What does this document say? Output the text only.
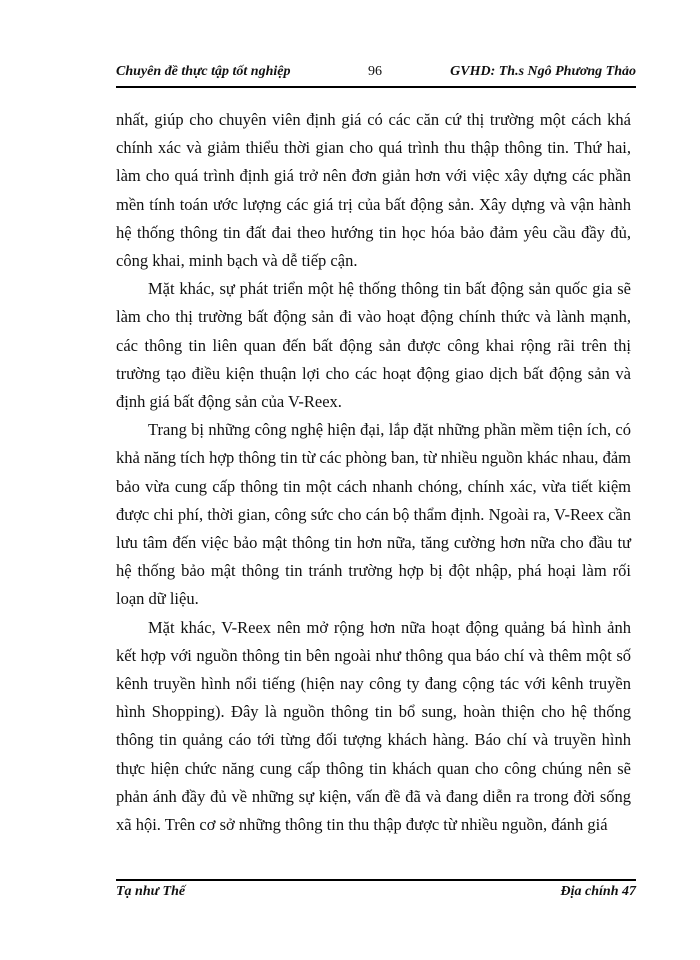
Chuyên đề thực tập tốt nghiệp	96	GVHD: Th.s Ngô Phương Thảo

nhất, giúp cho chuyên viên định giá có các căn cứ thị trường một cách khá chính xác và giảm thiểu thời gian cho quá trình thu thập thông tin. Thứ hai, làm cho quá trình định giá trở nên đơn giản hơn với việc xây dựng các phần mền tính toán ước lượng các giá trị của bất động sản. Xây dựng và vận hành hệ thống thông tin đất đai theo hướng tin học hóa bảo đảm yêu cầu đầy đủ, công khai, minh bạch và dễ tiếp cận.

Mặt khác, sự phát triển một hệ thống thông tin bất động sản quốc gia sẽ làm cho thị trường bất động sản đi vào hoạt động chính thức và lành mạnh, các thông tin liên quan đến bất động sản được công khai rộng rãi trên thị trường tạo điều kiện thuận lợi cho các hoạt động giao dịch bất động sản và định giá bất động sản của V-Reex.

Trang bị những công nghệ hiện đại, lắp đặt những phần mềm tiện ích, có khả năng tích hợp thông tin từ các phòng ban, từ nhiều nguồn khác nhau, đảm bảo vừa cung cấp thông tin một cách nhanh chóng, chính xác, vừa tiết kiệm được chi phí, thời gian, công sức cho cán bộ thẩm định. Ngoài ra, V-Reex cần lưu tâm đến việc bảo mật thông tin hơn nữa, tăng cường hơn nữa cho đầu tư hệ thống bảo mật thông tin tránh trường hợp bị đột nhập, phá hoại làm rối loạn dữ liệu.

Mặt khác, V-Reex nên mở rộng hơn nữa hoạt động quảng bá hình ảnh kết hợp với nguồn thông tin bên ngoài như thông qua báo chí và thêm một số kênh truyền hình nổi tiếng (hiện nay công ty đang cộng tác với kênh truyền hình Shopping). Đây là nguồn thông tin bổ sung, hoàn thiện cho hệ thống thông tin quảng cáo tới từng đối tượng khách hàng. Báo chí và truyền hình thực hiện chức năng cung cấp thông tin khách quan cho công chúng nên sẽ phản ánh đầy đủ về những sự kiện, vấn đề đã và đang diễn ra trong đời sống xã hội. Trên cơ sở những thông tin thu thập được từ nhiều nguồn, đánh giá

Tạ như Thế	Địa chính 47
